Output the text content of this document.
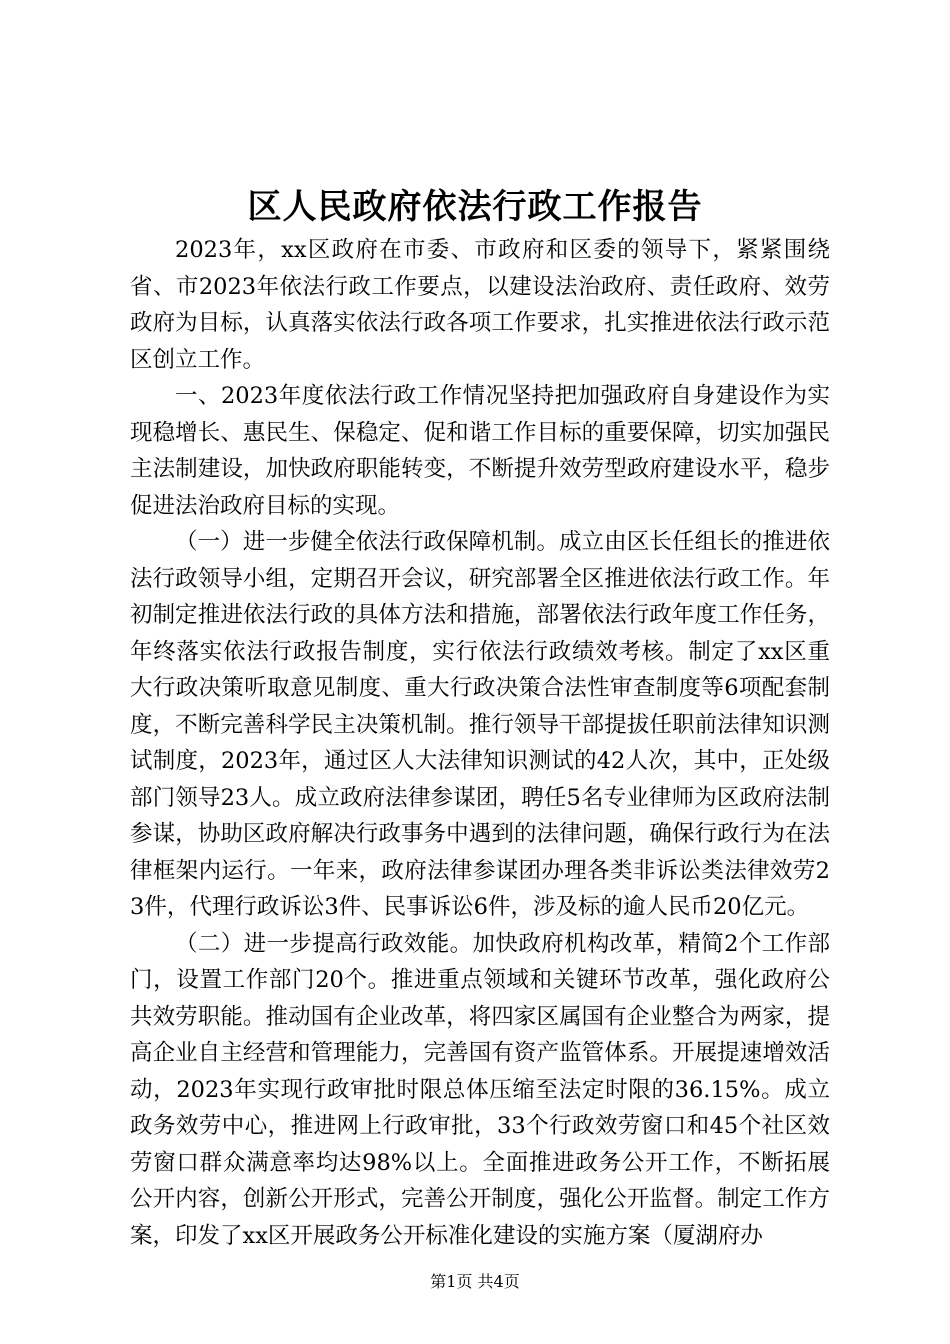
区人民政府依法行政工作报告

2023年，xx区政府在市委、市政府和区委的领导下，紧紧围绕省、市2023年依法行政工作要点，以建设法治政府、责任政府、效劳政府为目标，认真落实依法行政各项工作要求，扎实推进依法行政示范区创立工作。

一、2023年度依法行政工作情况坚持把加强政府自身建设作为实现稳增长、惠民生、保稳定、促和谐工作目标的重要保障，切实加强民主法制建设，加快政府职能转变，不断提升效劳型政府建设水平，稳步促进法治政府目标的实现。

（一）进一步健全依法行政保障机制。成立由区长任组长的推进依法行政领导小组，定期召开会议，研究部署全区推进依法行政工作。年初制定推进依法行政的具体方法和措施，部署依法行政年度工作任务，年终落实依法行政报告制度，实行依法行政绩效考核。制定了xx区重大行政决策听取意见制度、重大行政决策合法性审查制度等6项配套制度，不断完善科学民主决策机制。推行领导干部提拔任职前法律知识测试制度，2023年，通过区人大法律知识测试的42人次，其中，正处级部门领导23人。成立政府法律参谋团，聘任5名专业律师为区政府法制参谋，协助区政府解决行政事务中遇到的法律问题，确保行政行为在法律框架内运行。一年来，政府法律参谋团办理各类非诉讼类法律效劳23件，代理行政诉讼3件、民事诉讼6件，涉及标的逾人民币20亿元。

（二）进一步提高行政效能。加快政府机构改革，精简2个工作部门，设置工作部门20个。推进重点领域和关键环节改革，强化政府公共效劳职能。推动国有企业改革，将四家区属国有企业整合为两家，提高企业自主经营和管理能力，完善国有资产监管体系。开展提速增效活动，2023年实现行政审批时限总体压缩至法定时限的36.15%。成立政务效劳中心，推进网上行政审批，33个行政效劳窗口和45个社区效劳窗口群众满意率均达98%以上。全面推进政务公开工作，不断拓展公开内容，创新公开形式，完善公开制度，强化公开监督。制定工作方案，印发了xx区开展政务公开标准化建设的实施方案（厦湖府办

第1页 共4页
